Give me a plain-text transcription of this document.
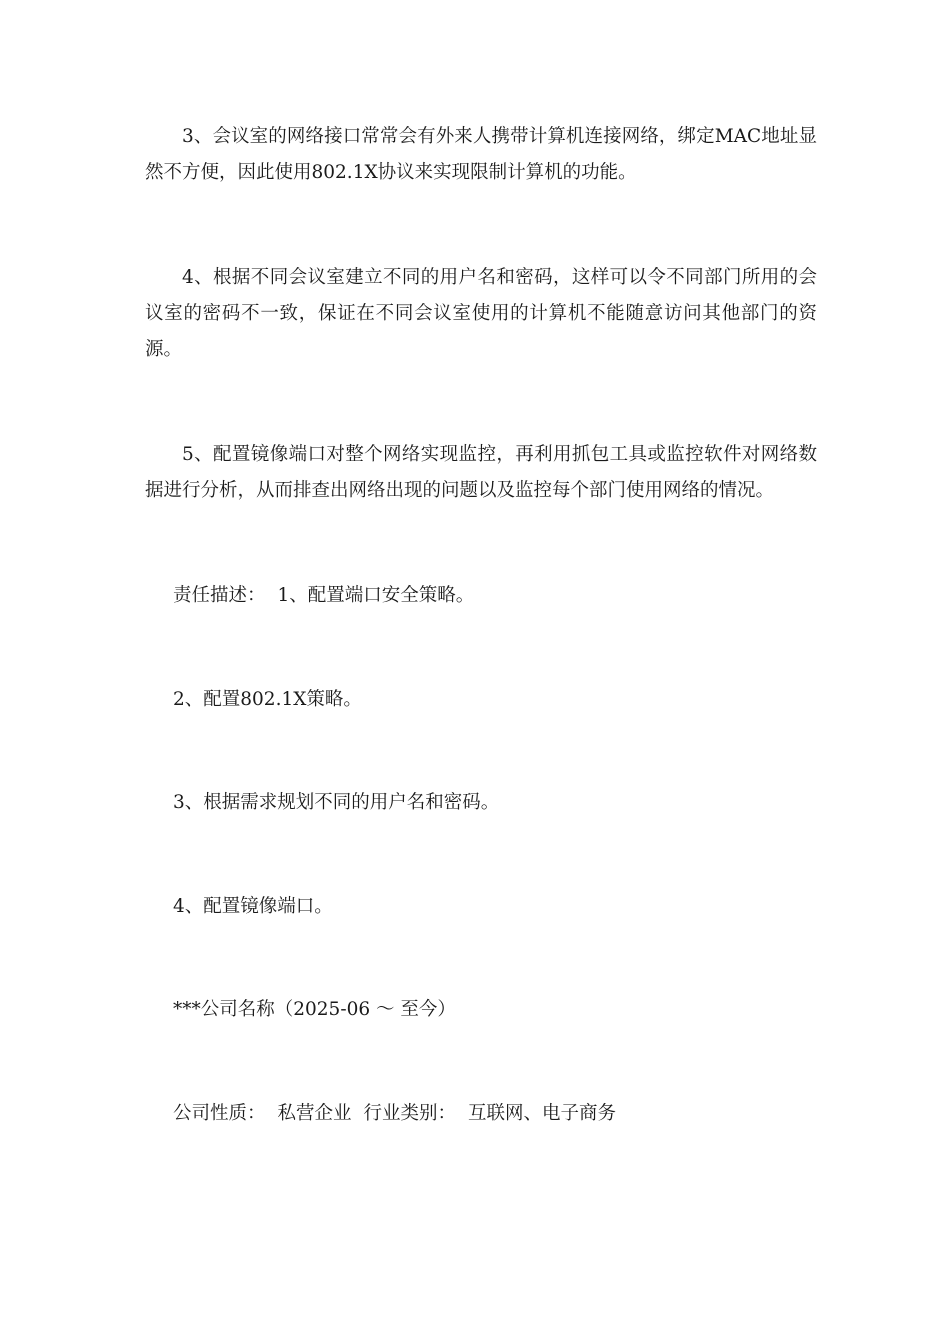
3、会议室的网络接口常常会有外来人携带计算机连接网络，绑定MAC地址显然不方便，因此使用802.1X协议来实现限制计算机的功能。

4、根据不同会议室建立不同的用户名和密码，这样可以令不同部门所用的会议室的密码不一致，保证在不同会议室使用的计算机不能随意访问其他部门的资源。

5、配置镜像端口对整个网络实现监控，再利用抓包工具或监控软件对网络数据进行分析，从而排查出网络出现的问题以及监控每个部门使用网络的情况。

责任描述： 1、配置端口安全策略。

2、配置802.1X策略。

3、根据需求规划不同的用户名和密码。

4、配置镜像端口。

***公司名称（2025-06 ～ 至今）

公司性质： 私营企业 行业类别： 互联网、电子商务
